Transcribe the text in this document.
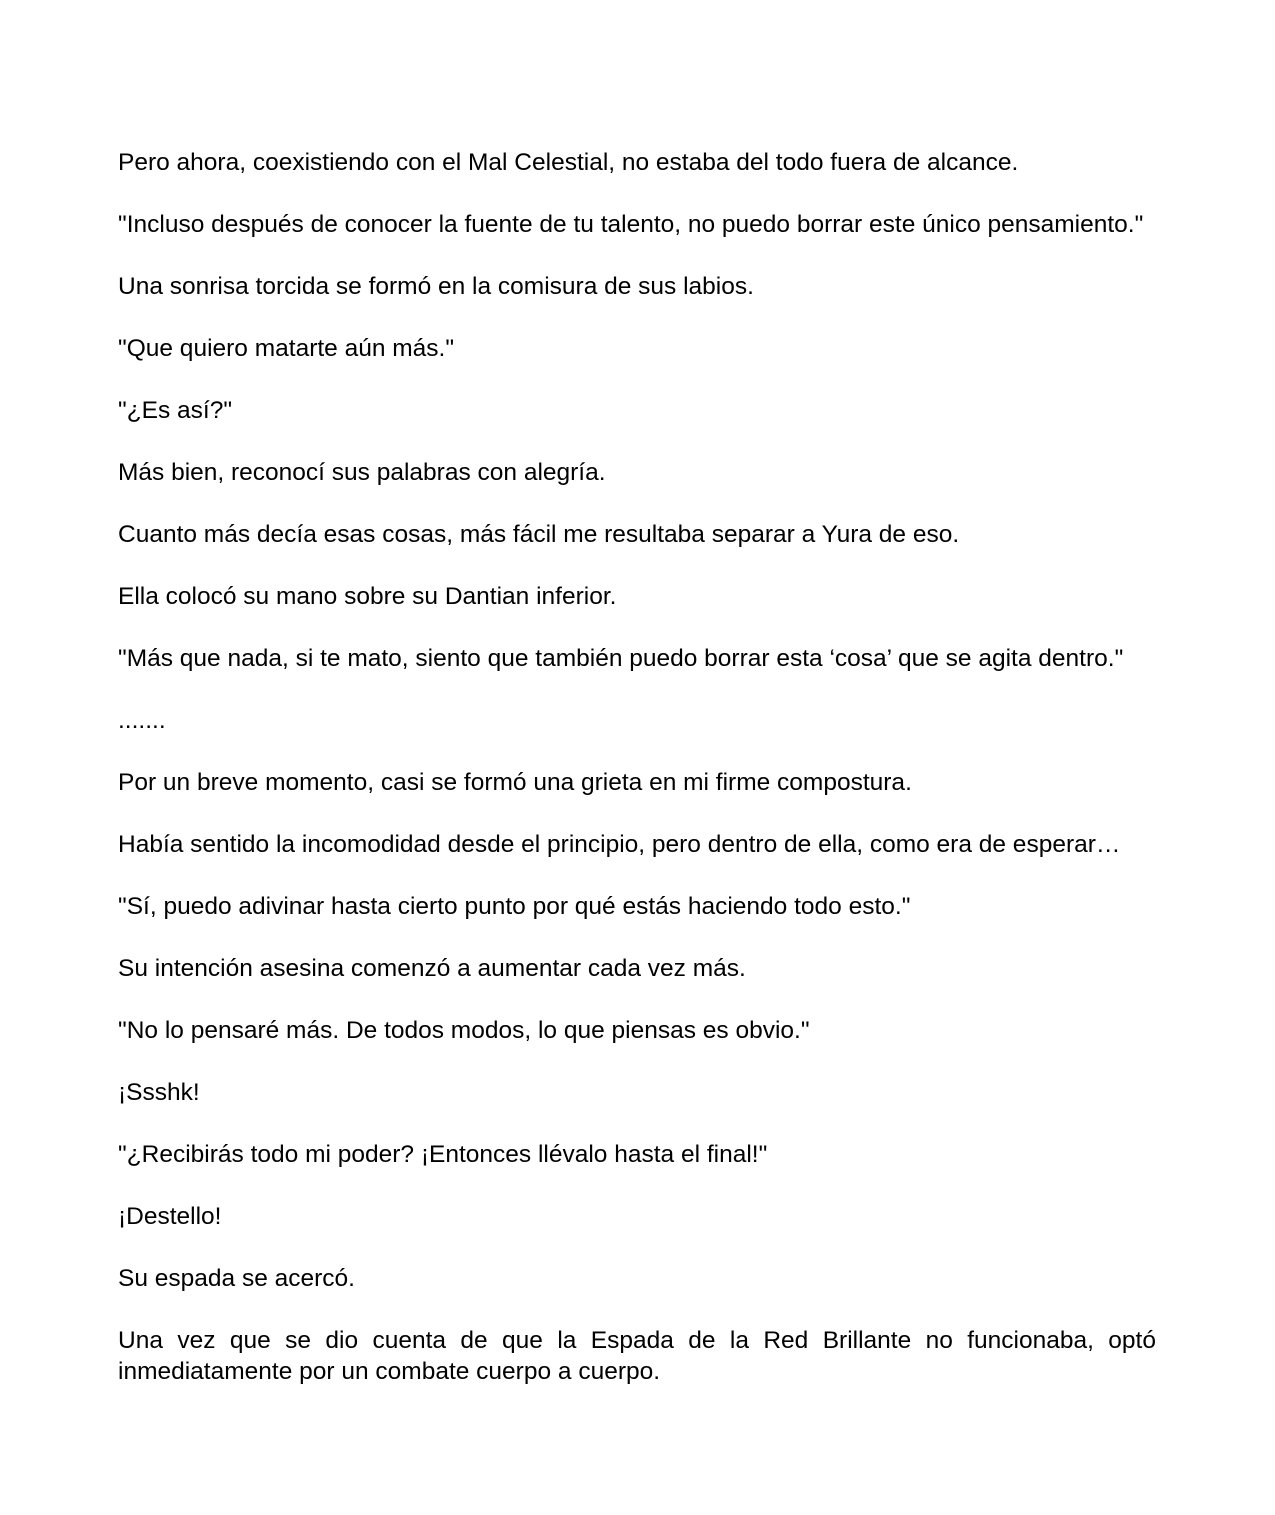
Pero ahora, coexistiendo con el Mal Celestial, no estaba del todo fuera de alcance.

"Incluso después de conocer la fuente de tu talento, no puedo borrar este único pensamiento."

Una sonrisa torcida se formó en la comisura de sus labios.

"Que quiero matarte aún más."

"¿Es así?"

Más bien, reconocí sus palabras con alegría.

Cuanto más decía esas cosas, más fácil me resultaba separar a Yura de eso.

Ella colocó su mano sobre su Dantian inferior.

"Más que nada, si te mato, siento que también puedo borrar esta ‘cosa’ que se agita dentro."

.......

Por un breve momento, casi se formó una grieta en mi firme compostura.

Había sentido la incomodidad desde el principio, pero dentro de ella, como era de esperar…

"Sí, puedo adivinar hasta cierto punto por qué estás haciendo todo esto."

Su intención asesina comenzó a aumentar cada vez más.

"No lo pensaré más. De todos modos, lo que piensas es obvio."

¡Ssshk!

"¿Recibirás todo mi poder? ¡Entonces llévalo hasta el final!"

¡Destello!

Su espada se acercó.

Una vez que se dio cuenta de que la Espada de la Red Brillante no funcionaba, optó inmediatamente por un combate cuerpo a cuerpo.
